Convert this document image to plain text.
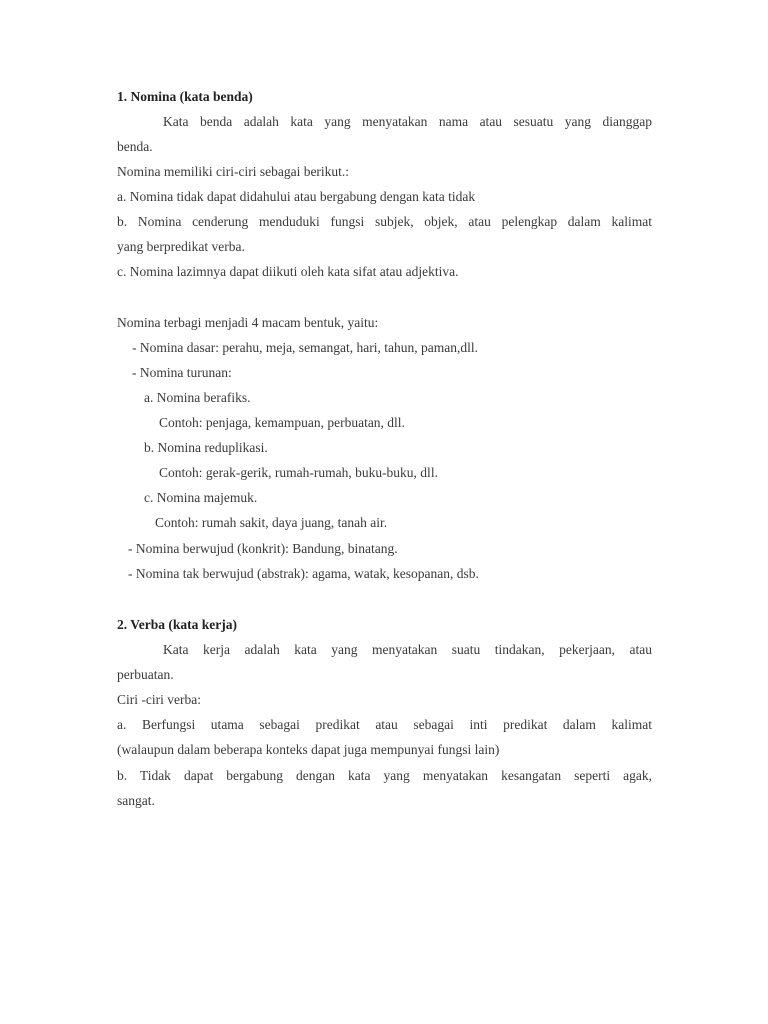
1. Nomina (kata benda)
Kata benda adalah kata yang menyatakan nama atau sesuatu yang dianggap
benda.
Nomina memiliki ciri-ciri sebagai berikut.:
a. Nomina tidak dapat didahului atau bergabung dengan kata tidak
b. Nomina cenderung menduduki fungsi subjek, objek, atau pelengkap dalam kalimat
yang berpredikat verba.
c. Nomina lazimnya dapat diikuti oleh kata sifat atau adjektiva.
Nomina terbagi menjadi 4 macam bentuk, yaitu:
- Nomina dasar: perahu, meja, semangat, hari, tahun, paman,dll.
- Nomina turunan:
a. Nomina berafiks.
Contoh: penjaga, kemampuan, perbuatan, dll.
b. Nomina reduplikasi.
Contoh: gerak-gerik, rumah-rumah, buku-buku, dll.
c. Nomina majemuk.
Contoh: rumah sakit, daya juang, tanah air.
- Nomina berwujud (konkrit): Bandung, binatang.
- Nomina tak berwujud (abstrak): agama, watak, kesopanan, dsb.
2. Verba (kata kerja)
Kata kerja adalah kata yang menyatakan suatu tindakan, pekerjaan, atau
perbuatan.
Ciri -ciri verba:
a. Berfungsi utama sebagai predikat atau sebagai inti predikat dalam kalimat
(walaupun dalam beberapa konteks dapat juga mempunyai fungsi lain)
b. Tidak dapat bergabung dengan kata yang menyatakan kesangatan seperti agak,
sangat.
